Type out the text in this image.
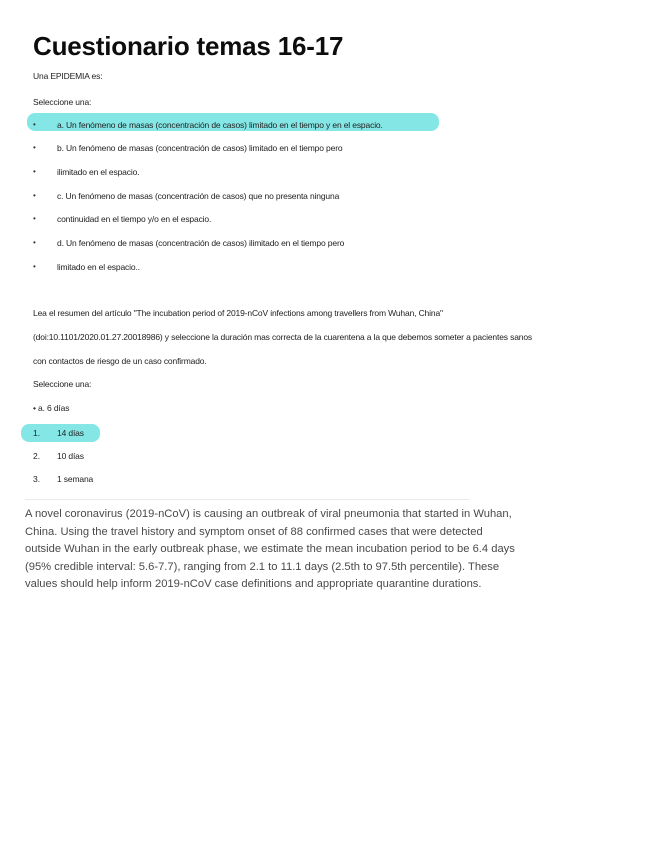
Cuestionario temas 16-17
Una EPIDEMIA es:
Seleccione una:
• a. Un fenómeno de masas (concentración de casos) limitado en el tiempo y en el espacio.
• b. Un fenómeno de masas (concentración de casos) limitado en el tiempo pero
• ilimitado en el espacio.
• c. Un fenómeno de masas (concentración de casos) que no presenta ninguna
• continuidad en el tiempo y/o en el espacio.
• d. Un fenómeno de masas (concentración de casos) ilimitado en el tiempo pero
• limitado en el espacio..
Lea el resumen del artículo "The incubation period of 2019-nCoV infections among travellers from Wuhan, China"
(doi:10.1101/2020.01.27.20018986) y seleccione la duración mas correcta de la cuarentena a la que debemos someter a pacientes sanos
con contactos de riesgo de un caso confirmado.
Seleccione una:
• a. 6 días
1. 14 días
2. 10 días
3. 1 semana
A novel coronavirus (2019-nCoV) is causing an outbreak of viral pneumonia that started in Wuhan,
China. Using the travel history and symptom onset of 88 confirmed cases that were detected
outside Wuhan in the early outbreak phase, we estimate the mean incubation period to be 6.4 days
(95% credible interval: 5.6-7.7), ranging from 2.1 to 11.1 days (2.5th to 97.5th percentile). These
values should help inform 2019-nCoV case definitions and appropriate quarantine durations.
